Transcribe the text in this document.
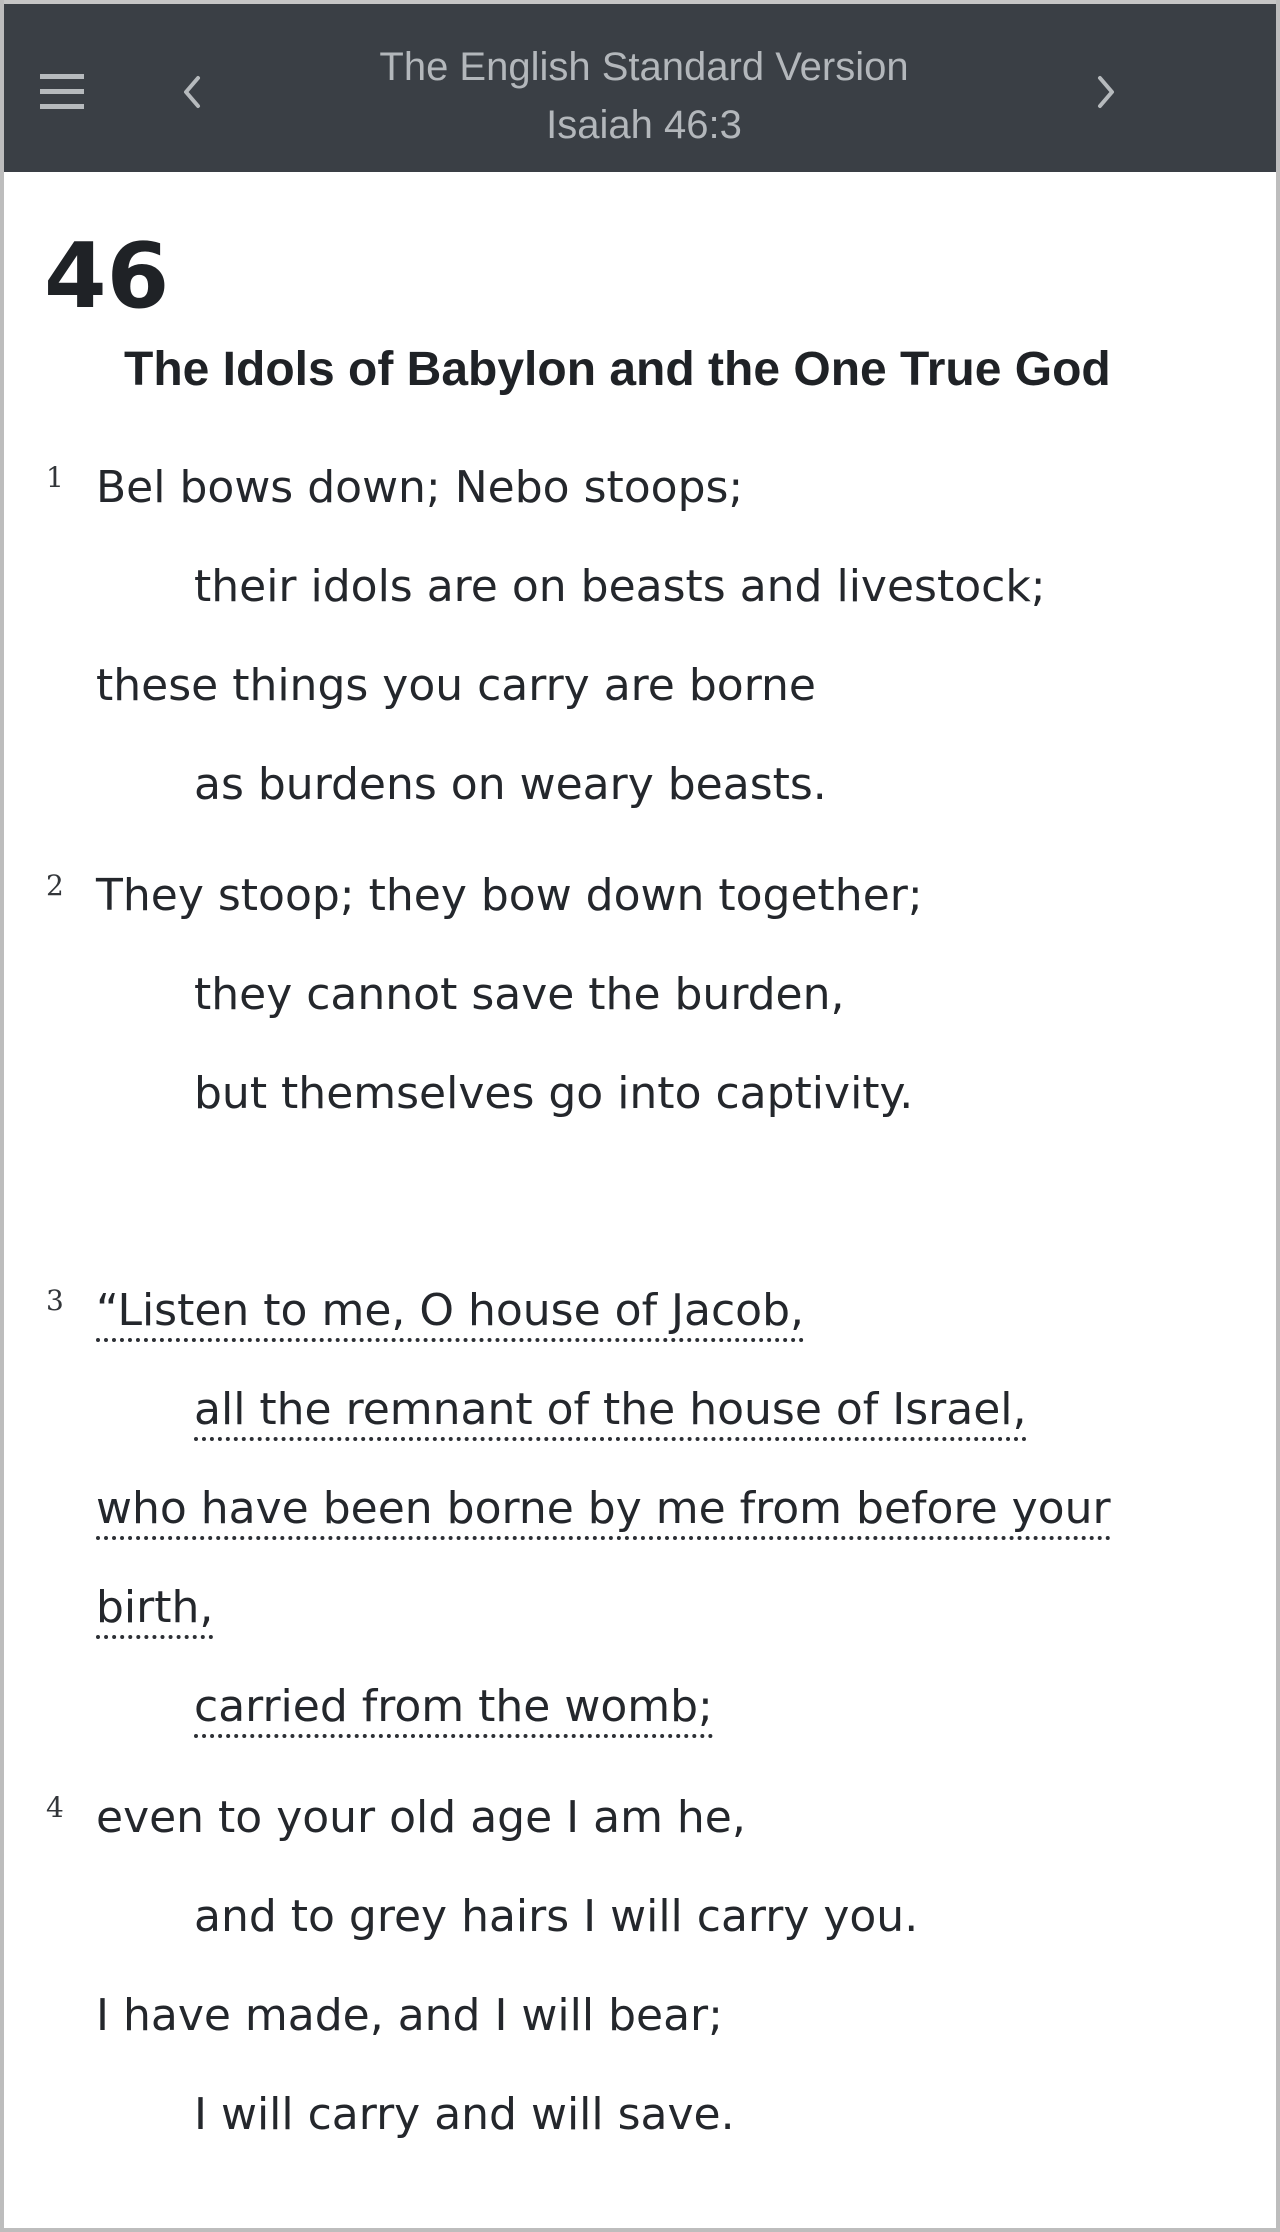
The English Standard Version
Isaiah 46:3
46
The Idols of Babylon and the One True God
1 Bel bows down; Nebo stoops;
their idols are on beasts and livestock;
these things you carry are borne
as burdens on weary beasts.
2 They stoop; they bow down together;
they cannot save the burden,
but themselves go into captivity.
3 “Listen to me, O house of Jacob,
all the remnant of the house of Israel,
who have been borne by me from before your
birth,
carried from the womb;
4 even to your old age I am he,
and to grey hairs I will carry you.
I have made, and I will bear;
I will carry and will save.
